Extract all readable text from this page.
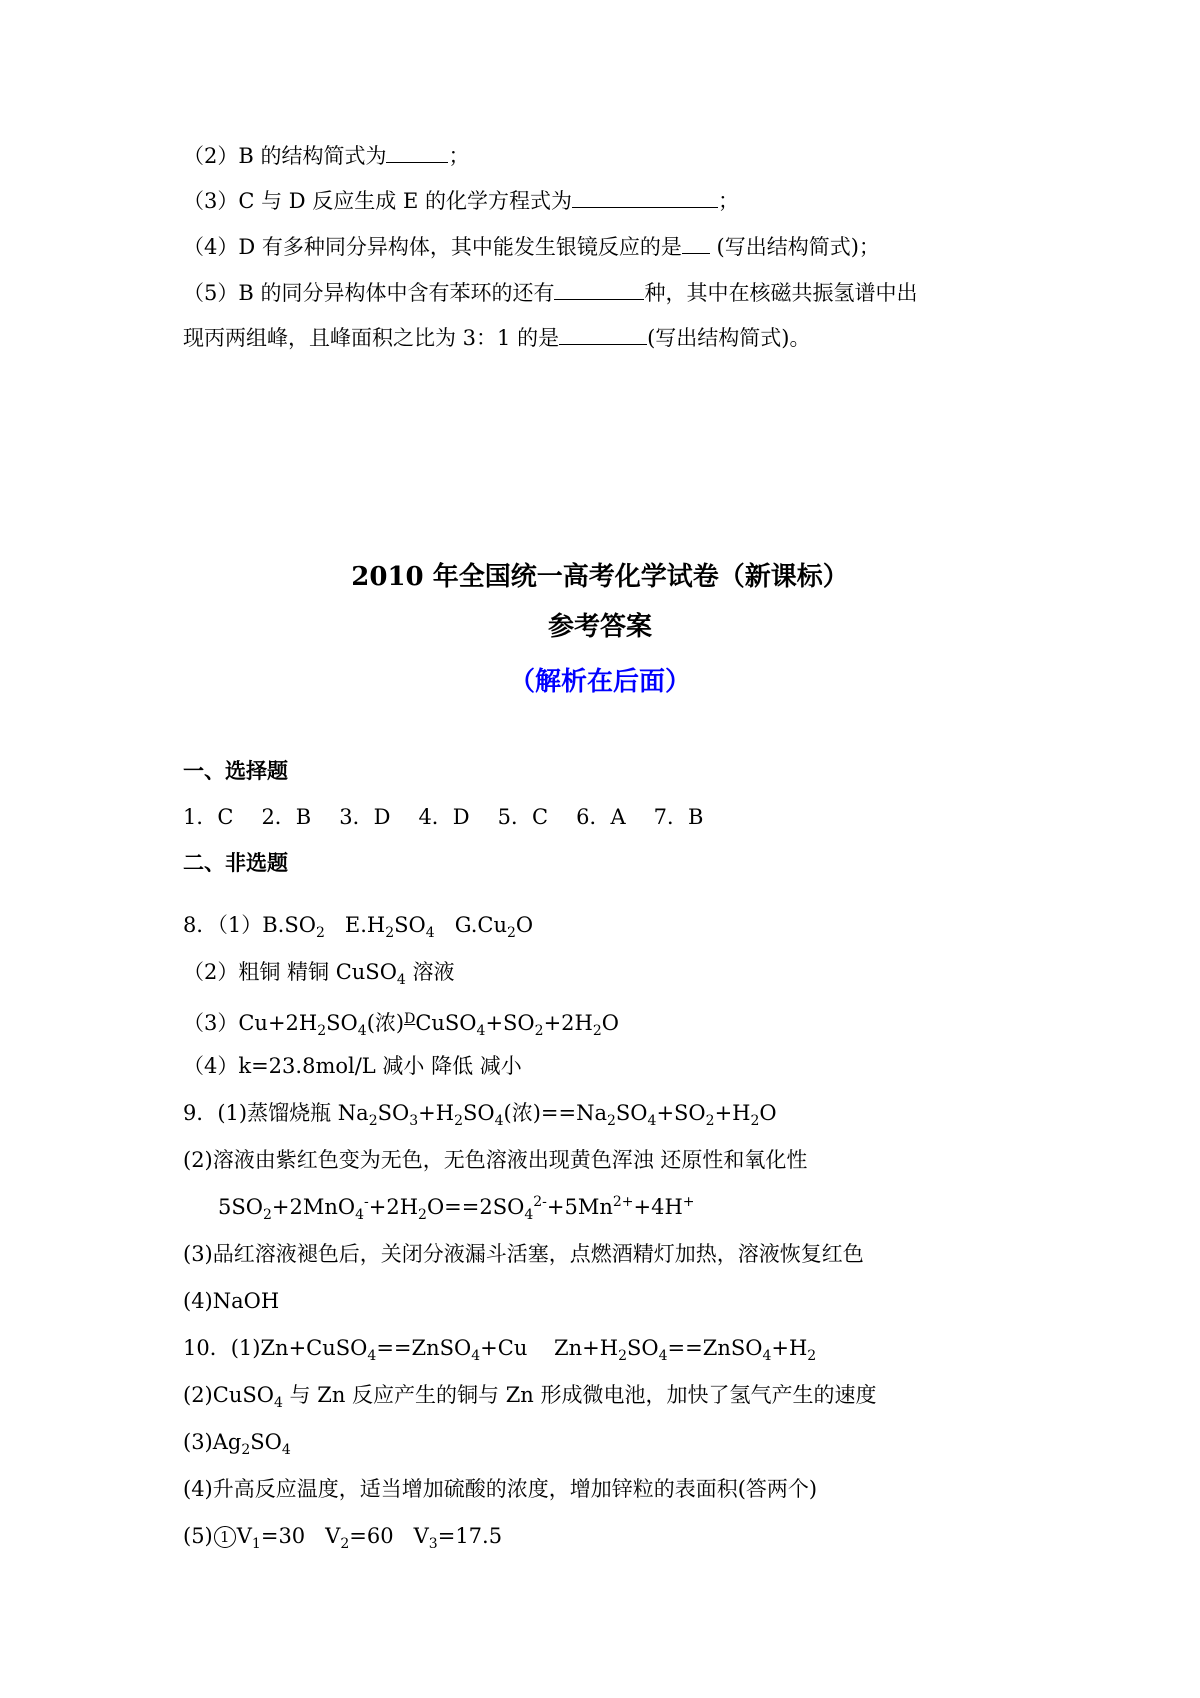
（2）B 的结构简式为	；
（3）C 与 D 反应生成 E 的化学方程式为	；
（4）D 有多种同分异构体，其中能发生银镜反应的是 (写出结构简式)；
（5）B 的同分异构体中含有苯环的还有	种，其中在核磁共振氢谱中出
现丙两组峰，且峰面积之比为 3：1 的是	(写出结构简式)。
2010 年全国统一高考化学试卷（新课标）
参考答案
（解析在后面）
一、选择题
1．C 2．B 3．D 4．D 5．C 6．A 7．B
二、非选题
8．$(1)B.SO_2$   $E.H_2SO_4$   $G.Cu_2O$
（2）粗铜 精铜 CuSO$_4$ 溶液
$(3)Cu+2H_2SO_4$(浓)$^DCuSO_4+SO_2+2H_2O$
（4）k=23.8mol/L 减小 降低 减小
9．(1)蒸馏烧瓶 $Na_2SO_3+H_2SO_4$(浓)$==Na_2SO_4+SO_2+H_2O$
(2)溶液由紫红色变为无色，无色溶液出现黄色浑浊 还原性和氧化性
$5SO_2+2MnO_4^-+2H_2O==2SO_4^{2-}+5Mn^{2+}+4H^+$
(3)品红溶液褪色后，关闭分液漏斗活塞，点燃酒精灯加热，溶液恢复红色
(4)NaOH
10．(1)Zn+CuSO$_4$==ZnSO$_4$+Cu    $Zn+H_2SO_4==ZnSO_4+H_2$
(2)CuSO$_4$ 与 Zn 反应产生的铜与 Zn 形成微电池，加快了氢气产生的速度
$(3)Ag_2SO_4$
(4)升高反应温度，适当增加硫酸的浓度，增加锌粒的表面积(答两个)
(5) 1 $V_1=30$   $V_2=60$   $V_3=17.5$
